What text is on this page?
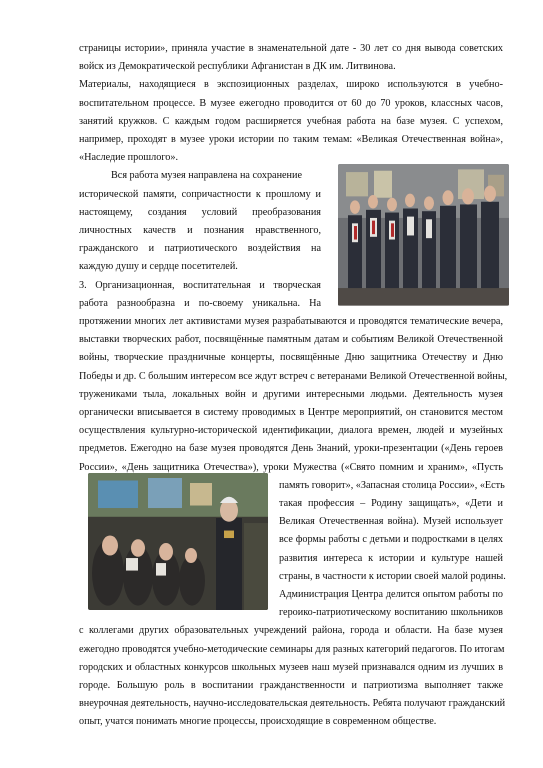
страницы истории», приняла участие в знаменательной дате - 30 лет со дня вывода советских
войск из Демократической республики Афганистан в ДК им. Литвинова.
Материалы, находящиеся в экспозиционных разделах, широко используются в учебно-
воспитательном процессе. В музее ежегодно проводится от 60 до 70 уроков, классных часов,
занятий кружков. С каждым годом расширяется учебная работа на базе музея. С успехом,
например, проходят в музее уроки истории по таким темам: «Великая Отечественная война»,
«Наследие прошлого».
Вся работа музея направлена на сохранение
исторической памяти, сопричастности к прошлому и
настоящему, создания условий преобразования
личностных качеств и познания нравственного,
гражданского и патриотического воздействия на
каждую душу и сердце посетителей.
3. Организационная, воспитательная и творческая
работа разнообразна и по-своему уникальна. На
протяжении многих лет активистами музея разрабатываются и проводятся тематические вечера,
выставки творческих работ, посвящённые памятным датам и событиям Великой Отечественной
войны, творческие праздничные концерты, посвящённые Дню защитника Отечеству и Дню
Победы и др. С большим интересом все ждут встреч с ветеранами Великой Отечественной войны,
тружениками тыла, локальных войн и другими интересными людьми. Деятельность музея
органически вписывается в систему проводимых в Центре мероприятий, он становится местом
осуществления культурно-исторической идентификации, диалога времен, людей и музейных
предметов. Ежегодно на базе музея проводятся День Знаний, уроки-презентации («День героев
России», «День защитника Отечества»), уроки Мужества («Свято помним и храним», «Пусть
память говорит», «Запасная столица России», «Есть
такая профессия – Родину защищать», «Дети и
Великая Отечественная война). Музей использует
все формы работы с детьми и подростками в целях
развития интереса к истории и культуре нашей
страны, в частности к истории своей малой родины.
Администрация Центра делится опытом работы по
героико-патриотическому воспитанию школьников
с коллегами других образовательных учреждений района, города и области. На базе музея
ежегодно проводятся учебно-методические семинары для разных категорий педагогов. По итогам
городских и областных конкурсов школьных музеев наш музей признавался одним из лучших в
городе. Большую роль в воспитании гражданственности и патриотизма выполняет также
внеурочная деятельность, научно-исследовательская деятельность. Ребята получают гражданский
опыт, учатся понимать многие процессы, происходящие в современном обществе.
